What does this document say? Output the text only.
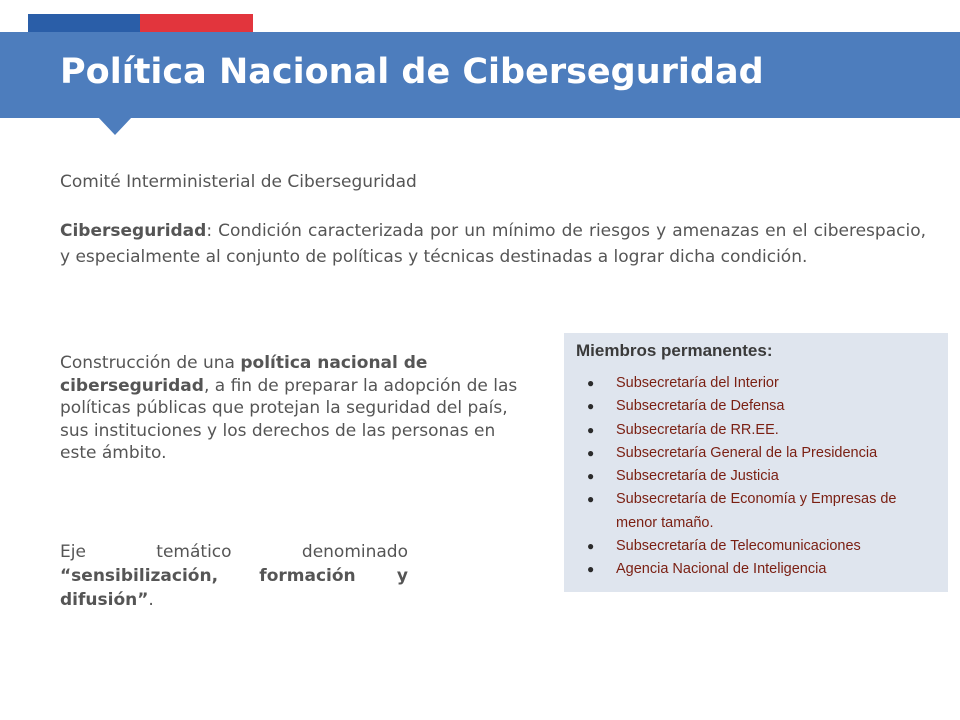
Política Nacional de Ciberseguridad
Comité Interministerial de Ciberseguridad

Ciberseguridad: Condición caracterizada por un mínimo de riesgos y amenazas en el ciberespacio, y especialmente al conjunto de políticas y técnicas destinadas a lograr dicha condición.

Construcción de una política nacional de ciberseguridad, a fin de preparar la adopción de las políticas públicas que protejan la seguridad del país, sus instituciones y los derechos de las personas en este ámbito.

Eje temático denominado “sensibilización, formación y difusión”.

Miembros permanentes:
● Subsecretaría del Interior
● Subsecretaría de Defensa
● Subsecretaría de RR.EE.
● Subsecretaría General de la Presidencia
● Subsecretaría de Justicia
● Subsecretaría de Economía y Empresas de menor tamaño.
● Subsecretaría de Telecomunicaciones
● Agencia Nacional de Inteligencia
